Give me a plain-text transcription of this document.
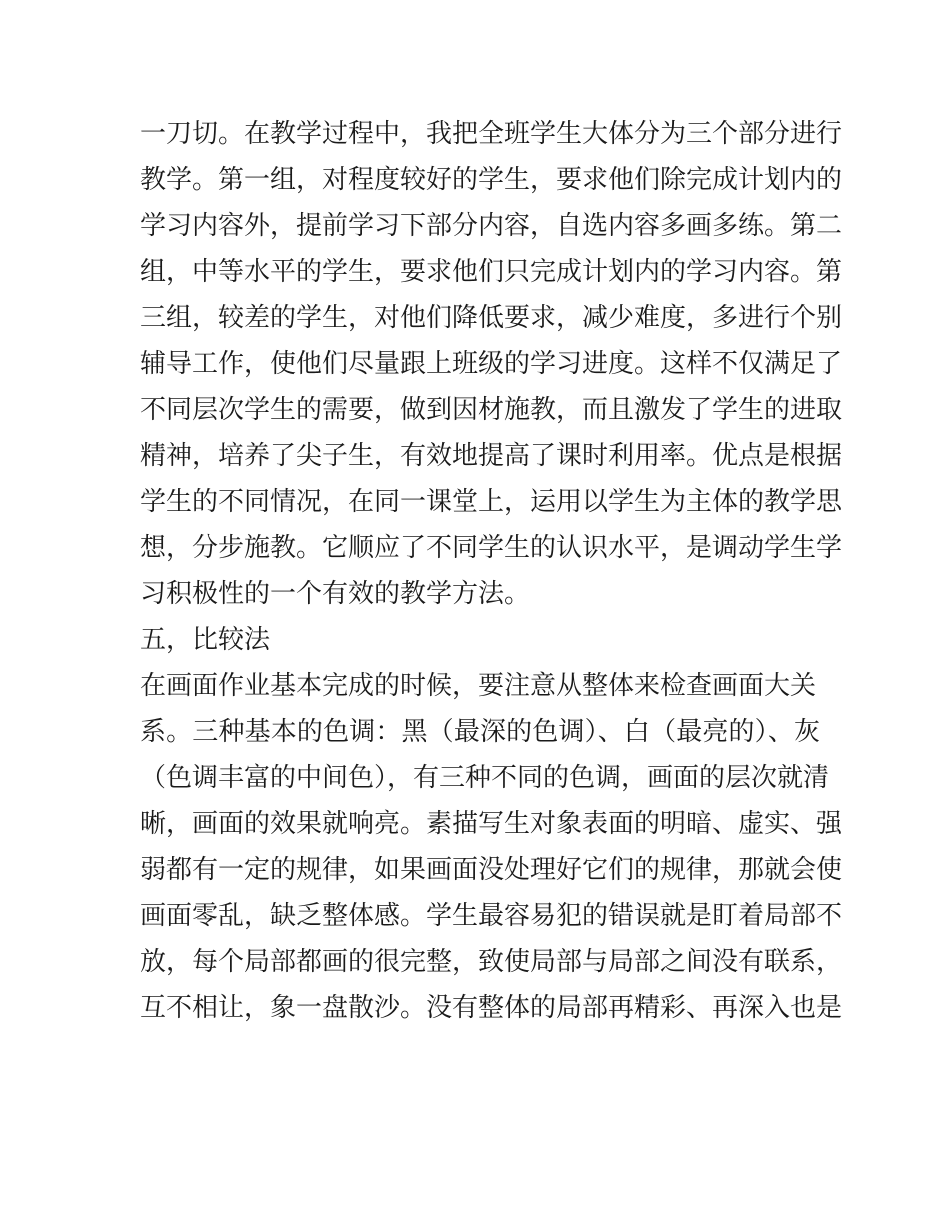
一刀切。在教学过程中，我把全班学生大体分为三个部分进行
教学。第一组，对程度较好的学生，要求他们除完成计划内的
学习内容外，提前学习下部分内容，自选内容多画多练。第二
组，中等水平的学生，要求他们只完成计划内的学习内容。第
三组，较差的学生，对他们降低要求，减少难度，多进行个别
辅导工作，使他们尽量跟上班级的学习进度。这样不仅满足了
不同层次学生的需要，做到因材施教，而且激发了学生的进取
精神，培养了尖子生，有效地提高了课时利用率。优点是根据
学生的不同情况，在同一课堂上，运用以学生为主体的教学思
想，分步施教。它顺应了不同学生的认识水平，是调动学生学
习积极性的一个有效的教学方法。
五，比较法
在画面作业基本完成的时候，要注意从整体来检查画面大关
系。三种基本的色调：黑（最深的色调）、白（最亮的）、灰
（色调丰富的中间色），有三种不同的色调，画面的层次就清
晰，画面的效果就响亮。素描写生对象表面的明暗、虚实、强
弱都有一定的规律，如果画面没处理好它们的规律，那就会使
画面零乱，缺乏整体感。学生最容易犯的错误就是盯着局部不
放，每个局部都画的很完整，致使局部与局部之间没有联系，
互不相让，象一盘散沙。没有整体的局部再精彩、再深入也是
